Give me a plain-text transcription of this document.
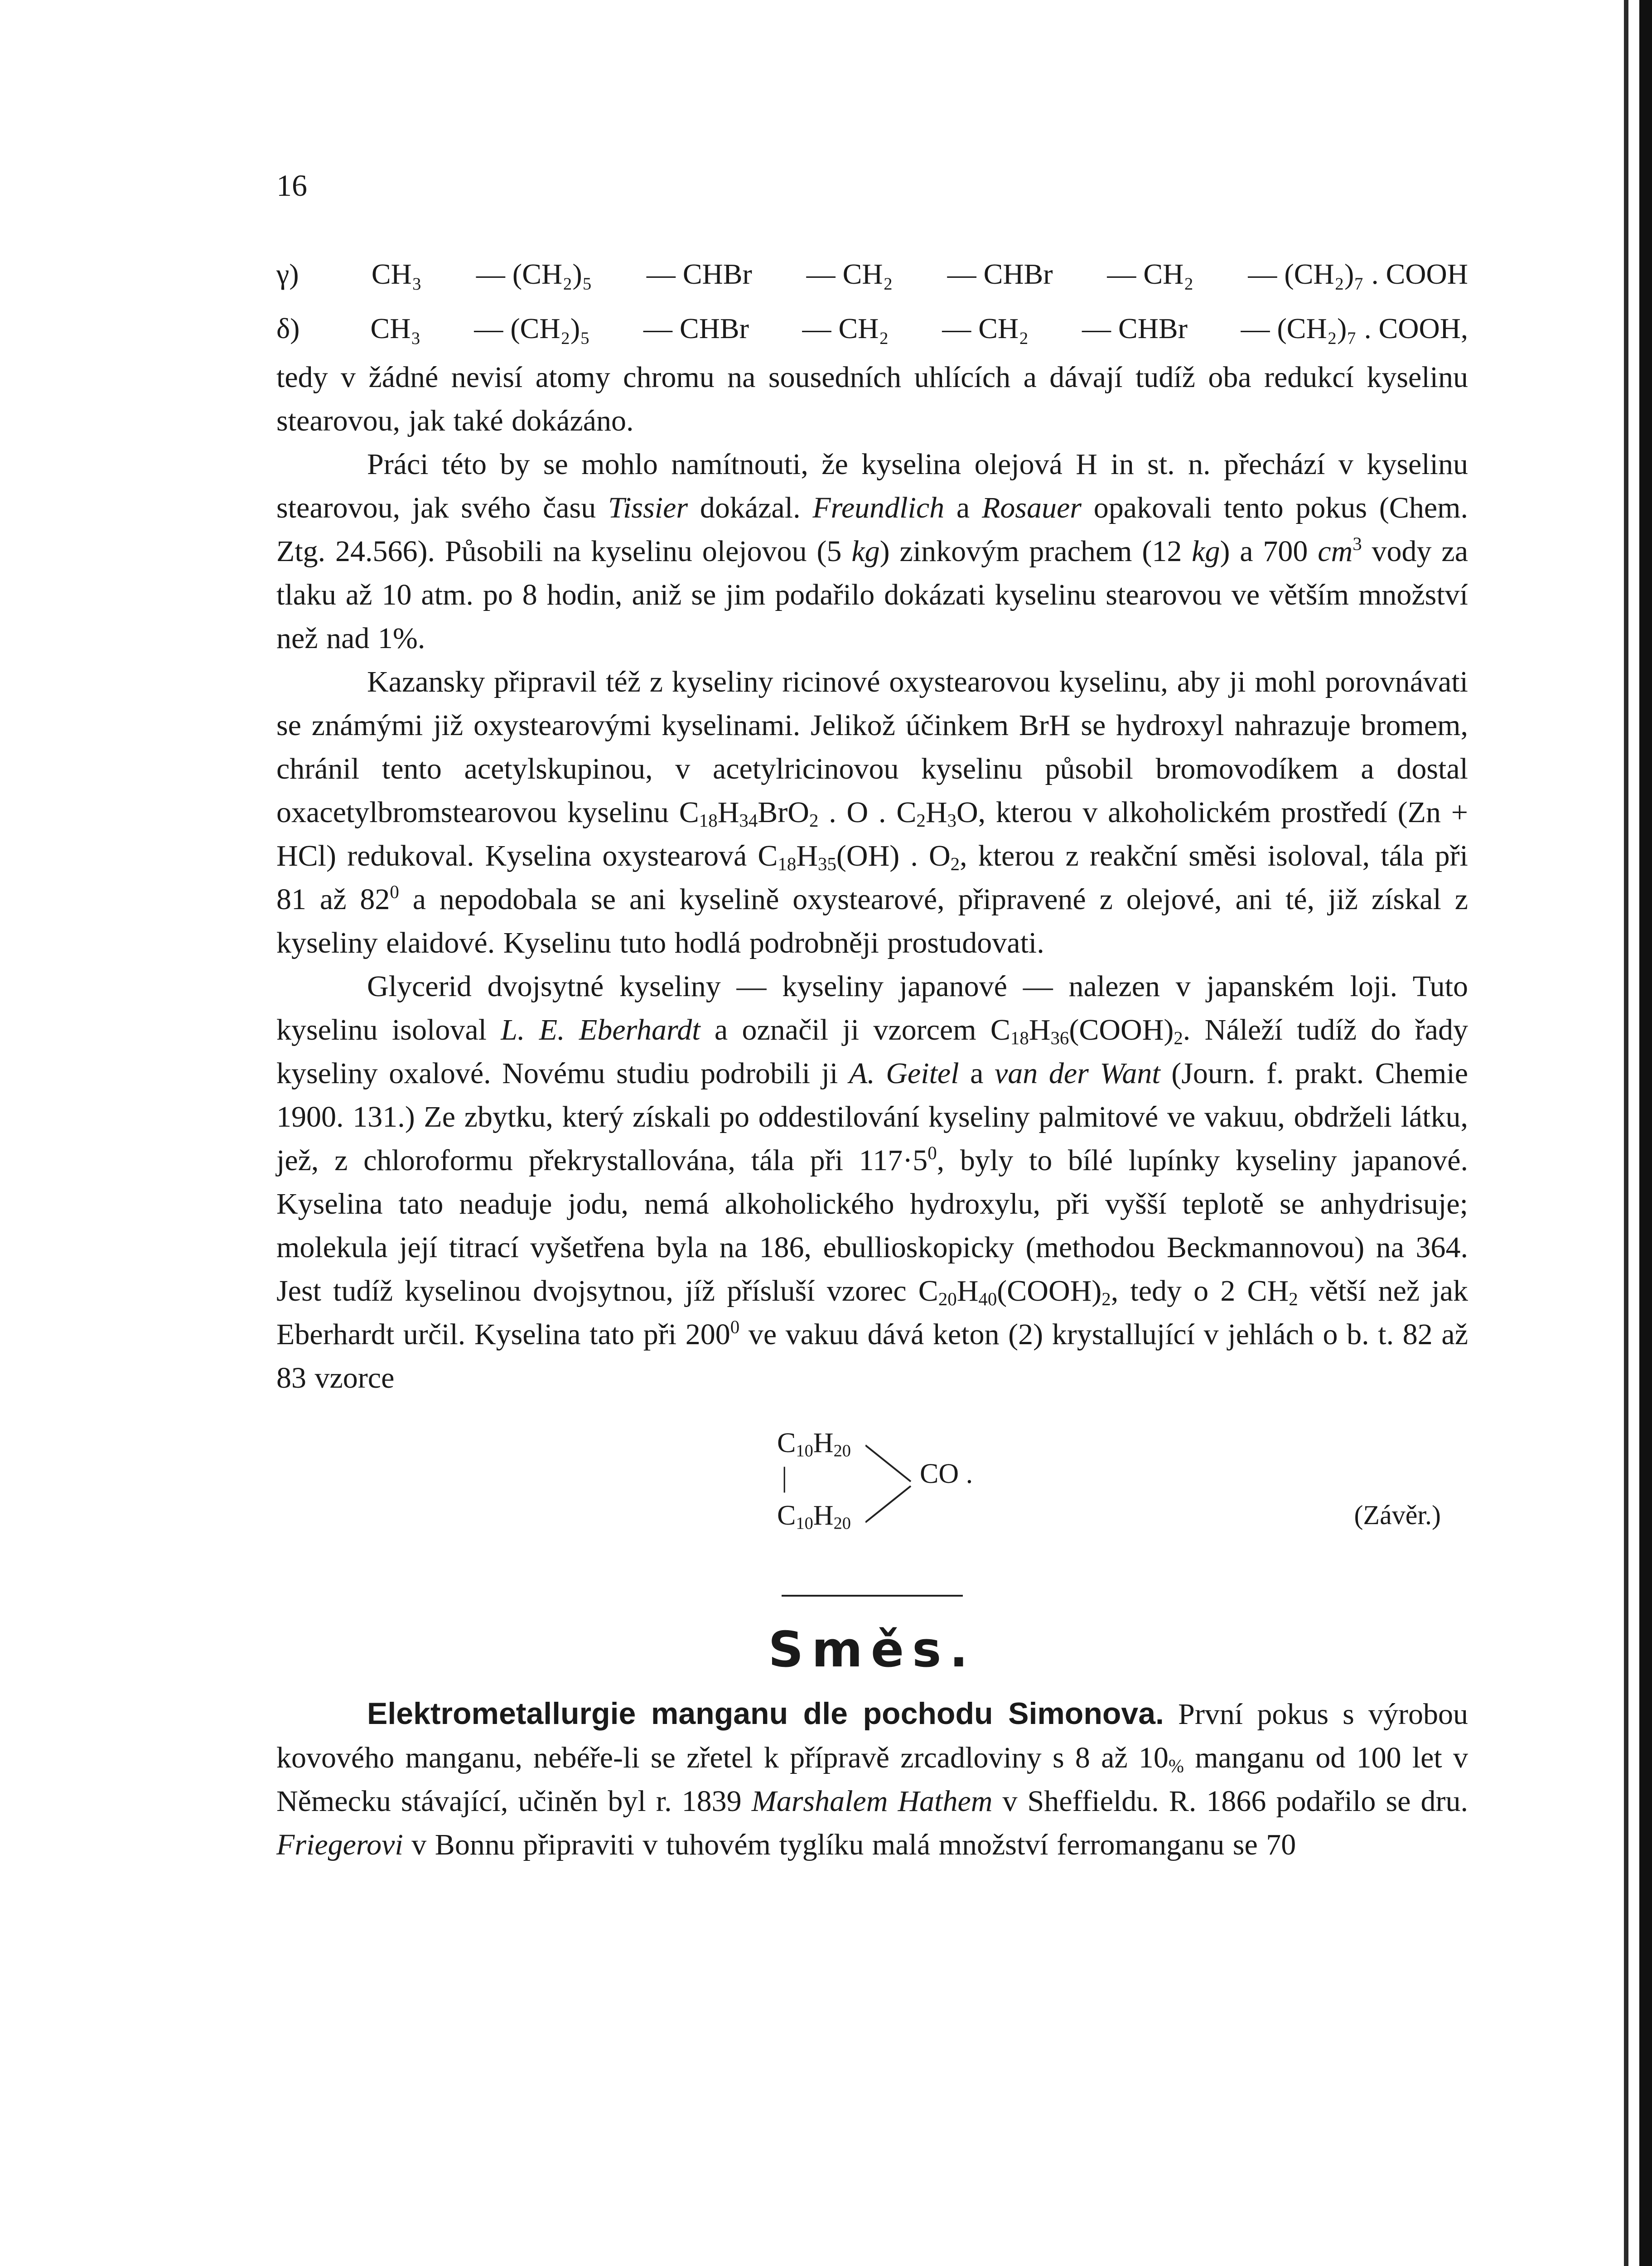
16
γ)	CH₃ — (CH₂)₅ — CHBr — CH₂ — CHBr — CH₂ — (CH₂)₇ . COOH
δ)	CH₃ — (CH₂)₅ — CHBr — CH₂ — CH₂ — CHBr — (CH₂)₇ . COOH,

tedy v žádné nevisí atomy chromu na sousedních uhlících a dávají tudíž oba redukcí kyselinu stearovou, jak také dokázáno.

Práci této by se mohlo namítnouti, že kyselina olejová H in st. n. přechází v kyselinu stearovou, jak svého času Tissier dokázal. Freundlich a Rosauer opakovali tento pokus (Chem. Ztg. 24.566). Působili na kyselinu olejovou (5 kg) zinkovým prachem (12 kg) a 700 $cm^3$ vody za tlaku až 10 atm. po 8 hodin, aniž se jim podařilo dokázati kyselinu stearovou ve větším množství než nad 1%.

Kazansky připravil též z kyseliny ricinové oxystearovou kyselinu, aby ji mohl porovnávati se známými již oxystearovými kyselinami. Jelikož účinkem BrH se hydroxyl nahrazuje bromem, chránil tento acetylskupinou, v acetylricinovou kyselinu působil bromovodíkem a dostal oxacetylbromstearovou kyselinu $C_{18}H_{34}BrO_2$ . O . $C_2H_3O$, kterou v alkoholickém prostředí (Zn + HCl) redukoval. Kyselina oxystearová $C_{18}H_{35}(OH)$ . $O_2$, kterou z reakční směsi isoloval, tála při 81 až $82^0$ a nepodobala se ani kyselině oxystearové, připravené z olejové, ani té, již získal z kyseliny elaidové. Kyselinu tuto hodlá podrobněji prostudovati.

Glycerid dvojsytné kyseliny — kyseliny japanové — nalezen v japanském loji. Tuto kyselinu isoloval L. E. Eberhardt a označil ji vzorcem $C_{18}H_{36}(COOH)_2$. Náleží tudíž do řady kyseliny oxalové. Novému studiu podrobili ji A. Geitel a van der Want (Journ. f. prakt. Chemie 1900. 131.) Ze zbytku, který získali po oddestilování kyseliny palmitové ve vakuu, obdrželi látku, jež, z chloroformu překrystallována, tála při $117\cdot 5^0$, byly to bílé lupínky kyseliny japanové. Kyselina tato neaduje jodu, nemá alkoholického hydroxylu, při vyšší teplotě se anhydrisuje; molekula její titrací vyšetřena byla na 186, ebullioskopicky (methodou Beckmannovou) na 364. Jest tudíž kyselinou dvojsytnou, jíž přísluší vzorec $C_{20}H_{40}(COOH)_2$, tedy o 2 $CH_2$ větší než jak Eberhardt určil. Kyselina tato při $200^0$ ve vakuu dává keton (2) krystallující v jehlách o b. t. 82 až 83 vzorce

$C_{10}H_{20}$
|
$C_{10}H_{20}$
CO .
(Závěr.)
Směs.

Elektrometallurgie manganu dle pochodu Simonova. První pokus s výrobou kovového manganu, nebéře-li se zřetel k přípravě zrcadloviny s 8 až $10_{\%}$ manganu od 100 let v Německu stávající, učiněn byl r. 1839 Marshalem Hathem v Sheffieldu. R. 1866 podařilo se dru. Friegerovi v Bonnu připraviti v tuhovém tyglíku malá množství ferromanganu se 70
